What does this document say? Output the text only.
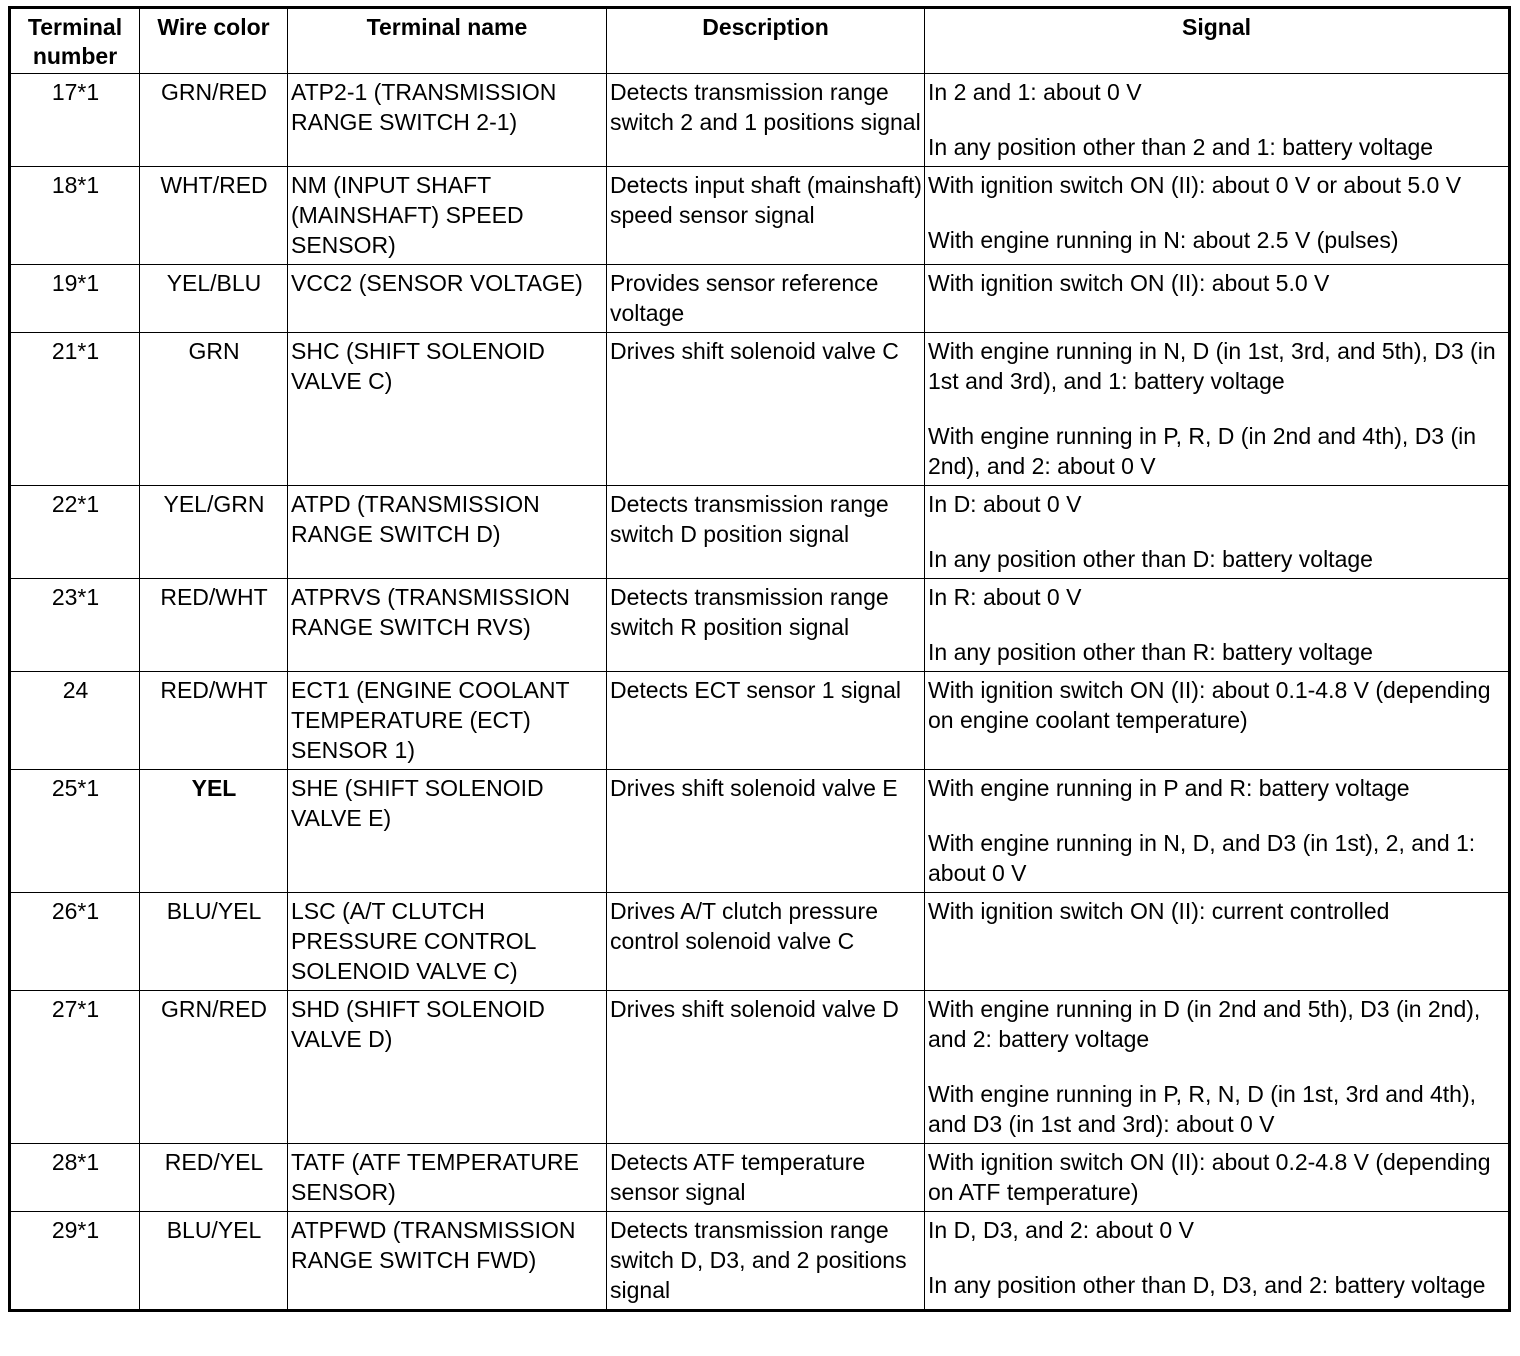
Terminal number	Wire color	Terminal name	Description	Signal
17*1	GRN/RED	ATP2-1 (TRANSMISSION RANGE SWITCH 2-1)	Detects transmission range switch 2 and 1 positions signal	In 2 and 1: about 0 V
In any position other than 2 and 1: battery voltage

18*1	WHT/RED	NM (INPUT SHAFT (MAINSHAFT) SPEED SENSOR)	Detects input shaft (mainshaft) speed sensor signal	With ignition switch ON (II): about 0 V or about 5.0 V
With engine running in N: about 2.5 V (pulses)

19*1	YEL/BLU	VCC2 (SENSOR VOLTAGE)	Provides sensor reference voltage	With ignition switch ON (II): about 5.0 V

21*1	GRN	SHC (SHIFT SOLENOID VALVE C)	Drives shift solenoid valve C	With engine running in N, D (in 1st, 3rd, and 5th), D3 (in 1st and 3rd), and 1: battery voltage
With engine running in P, R, D (in 2nd and 4th), D3 (in 2nd), and 2: about 0 V

22*1	YEL/GRN	ATPD (TRANSMISSION RANGE SWITCH D)	Detects transmission range switch D position signal	In D: about 0 V
In any position other than D: battery voltage

23*1	RED/WHT	ATPRVS (TRANSMISSION RANGE SWITCH RVS)	Detects transmission range switch R position signal	In R: about 0 V
In any position other than R: battery voltage

24	RED/WHT	ECT1 (ENGINE COOLANT TEMPERATURE (ECT) SENSOR 1)	Detects ECT sensor 1 signal	With ignition switch ON (II): about 0.1-4.8 V (depending on engine coolant temperature)

25*1	YEL	SHE (SHIFT SOLENOID VALVE E)	Drives shift solenoid valve E	With engine running in P and R: battery voltage
With engine running in N, D, and D3 (in 1st), 2, and 1: about 0 V

26*1	BLU/YEL	LSC (A/T CLUTCH PRESSURE CONTROL SOLENOID VALVE C)	Drives A/T clutch pressure control solenoid valve C	With ignition switch ON (II): current controlled

27*1	GRN/RED	SHD (SHIFT SOLENOID VALVE D)	Drives shift solenoid valve D	With engine running in D (in 2nd and 5th), D3 (in 2nd), and 2: battery voltage
With engine running in P, R, N, D (in 1st, 3rd and 4th), and D3 (in 1st and 3rd): about 0 V

28*1	RED/YEL	TATF (ATF TEMPERATURE SENSOR)	Detects ATF temperature sensor signal	With ignition switch ON (II): about 0.2-4.8 V (depending on ATF temperature)

29*1	BLU/YEL	ATPFWD (TRANSMISSION RANGE SWITCH FWD)	Detects transmission range switch D, D3, and 2 positions signal	In D, D3, and 2: about 0 V
In any position other than D, D3, and 2: battery voltage
